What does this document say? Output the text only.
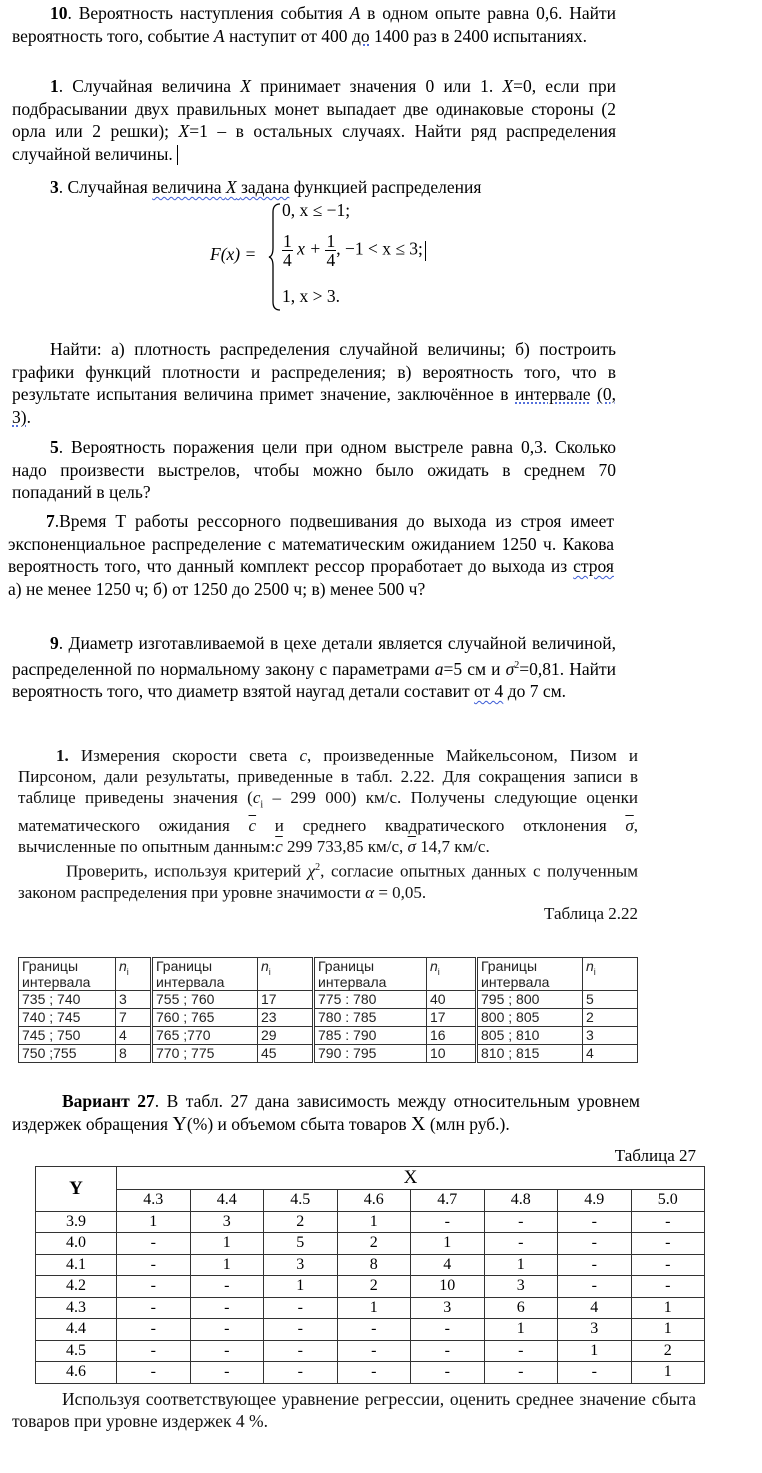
10. Вероятность наступления события A в одном опыте равна 0,6. Найти вероятность того, событие A наступит от 400 до 1400 раз в 2400 испытаниях.

1. Случайная величина X принимает значения 0 или 1. X=0, если при подбрасывании двух правильных монет выпадает две одинаковые стороны (2 орла или 2 решки); X=1 – в остальных случаях. Найти ряд распределения случайной величины.

3. Случайная величина X задана функцией распределения

F(x) =
0, x ≤ −1;
$\frac{1}{4}$ $x + \frac{1}{4}$ , −1 < x ≤ 3;
1, x > 3.

Найти: а) плотность распределения случайной величины; б) построить графики функций плотности и распределения; в) вероятность того, что в результате испытания величина примет значение, заключённое в интервале (0, 3).

5. Вероятность поражения цели при одном выстреле равна 0,3. Сколько надо произвести выстрелов, чтобы можно было ожидать в среднем 70 попаданий в цель?

7.Время Т работы рессорного подвешивания до выхода из строя имеет экспоненциальное распределение с математическим ожиданием 1250 ч. Какова вероятность того, что данный комплект рессор проработает до выхода из строя а) не менее 1250 ч; б) от 1250 до 2500 ч; в) менее 500 ч?

9. Диаметр изготавливаемой в цехе детали является случайной величиной, распределенной по нормальному закону с параметрами a=5 см и $\sigma^2=0,81$. Найти вероятность того, что диаметр взятой наугад детали составит от 4 до 7 см.

1. Измерения скорости света c, произведенные Майкельсоном, Пизом и Пирсоном, дали результаты, приведенные в табл. 2.22. Для сокращения записи в таблице приведены значения ($c_i - 299$ 000) км/с. Получены следующие оценки математического ожидания $\overline{c}$ и среднего квадратического отклонения $\overline{\sigma}$, вычисленные по опытным $данным:\overline{c}$ 299 733,85 км/с, $\overline{\sigma}$ 14,7 км/с.

Проверить, используя критерий $\chi^2$, согласие опытных данных с полученным законом распределения при уровне значимости α = 0,05.

Таблица 2.22

Границы интервала	$n_i$	Границы интервала	$n_i$	Границы интервала	$n_i$	Границы интервала	$n_i$
735 ; 740	3	755 ; 760	17	775 : 780	40	795 ; 800	5
740 ; 745	7	760 ; 765	23	780 : 785	17	800 ; 805	2
745 ; 750	4	765 ;770	29	785 : 790	16	805 ; 810	3
750 ;755	8	770 ; 775	45	790 : 795	10	810 ; 815	4

Вариант 27. В табл. 27 дана зависимость между относительным уровнем издержек обращения Y(%) и объемом сбыта товаров X (млн руб.).

Таблица 27
Y	X							
	4.3	4.4	4.5	4.6	4.7	4.8	4.9	5.0
3.9	1	3	2	1	-	-	-	-
4.0	-	1	5	2	1	-	-	-
4.1	-	1	3	8	4	1	-	-
4.2	-	-	1	2	10	3	-	-
4.3	-	-	-	1	3	6	4	1
4.4	-	-	-	-	-	1	3	1
4.5	-	-	-	-	-	-	1	2
4.6	-	-	-	-	-	-	-	1

Используя соответствующее уравнение регрессии, оценить среднее значение сбыта товаров при уровне издержек 4 %.
